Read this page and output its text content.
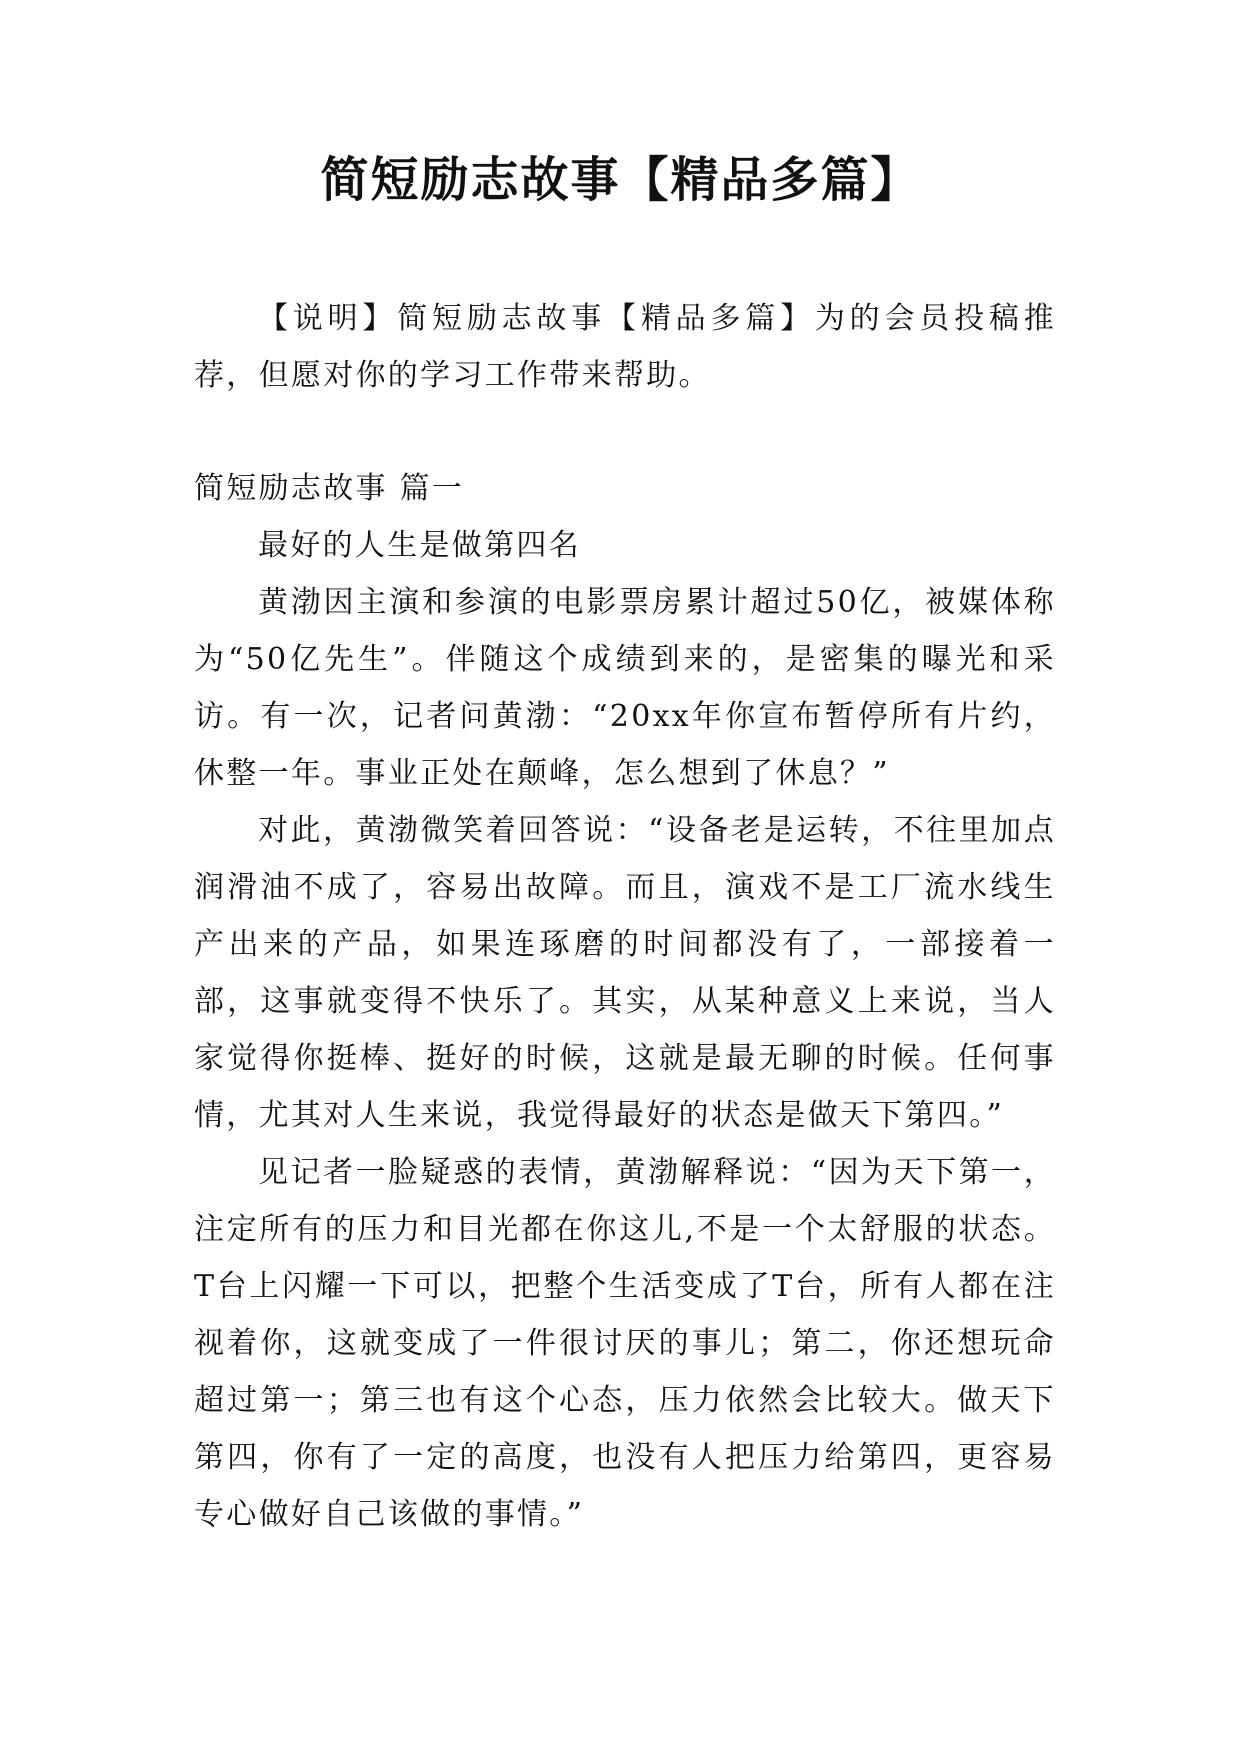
简短励志故事【精品多篇】
【说明】简短励志故事【精品多篇】为的会员投稿推荐，但愿对你的学习工作带来帮助。
简短励志故事 篇一

最好的人生是做第四名

黄渤因主演和参演的电影票房累计超过50亿，被媒体称为“50亿先生”。伴随这个成绩到来的，是密集的曝光和采访。有一次，记者问黄渤：“20xx年你宣布暂停所有片约，休整一年。事业正处在颠峰，怎么想到了休息？”

对此，黄渤微笑着回答说：“设备老是运转，不往里加点润滑油不成了，容易出故障。而且，演戏不是工厂流水线生产出来的产品，如果连琢磨的时间都没有了，一部接着一部，这事就变得不快乐了。其实，从某种意义上来说，当人家觉得你挺棒、挺好的时候，这就是最无聊的时候。任何事情，尤其对人生来说，我觉得最好的状态是做天下第四。”

见记者一脸疑惑的表情，黄渤解释说：“因为天下第一，注定所有的压力和目光都在你这儿,不是一个太舒服的状态。T台上闪耀一下可以，把整个生活变成了T台，所有人都在注视着你，这就变成了一件很讨厌的事儿；第二，你还想玩命超过第一；第三也有这个心态，压力依然会比较大。做天下第四，你有了一定的高度，也没有人把压力给第四，更容易专心做好自己该做的事情。”
